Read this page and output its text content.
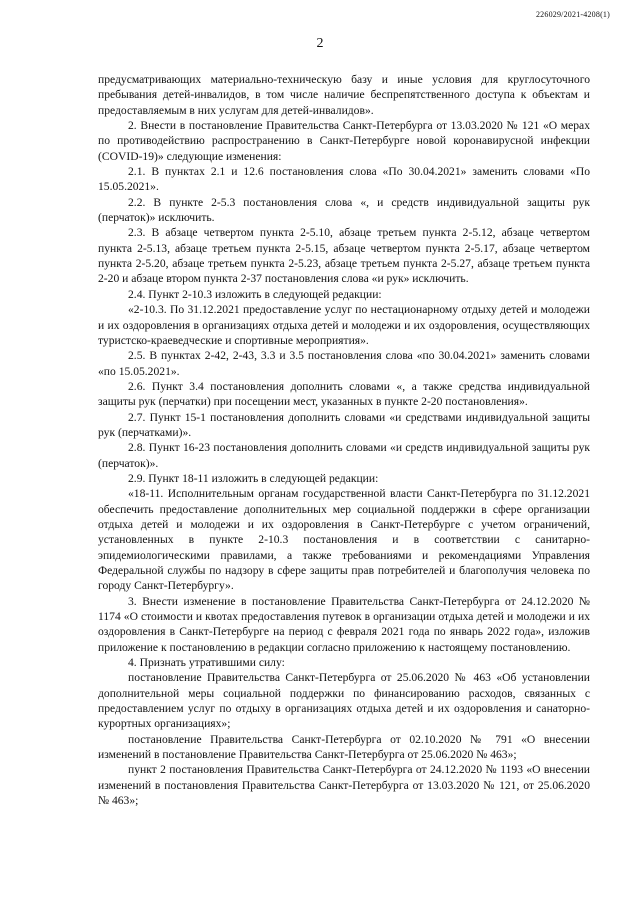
226029/2021-4208(1)
2

предусматривающих материально-техническую базу и иные условия для круглосуточного пребывания детей-инвалидов, в том числе наличие беспрепятственного доступа к объектам и предоставляемым в них услугам для детей-инвалидов».

2. Внести в постановление Правительства Санкт-Петербурга от 13.03.2020 № 121 «О мерах по противодействию распространению в Санкт-Петербурге новой коронавирусной инфекции (COVID-19)» следующие изменения:

2.1. В пунктах 2.1 и 12.6 постановления слова «По 30.04.2021» заменить словами «По 15.05.2021».

2.2. В пункте 2-5.3 постановления слова «, и средств индивидуальной защиты рук (перчаток)» исключить.

2.3. В абзаце четвертом пункта 2-5.10, абзаце третьем пункта 2-5.12, абзаце четвертом пункта 2-5.13, абзаце третьем пункта 2-5.15, абзаце четвертом пункта 2-5.17, абзаце четвертом пункта 2-5.20, абзаце третьем пункта 2-5.23, абзаце третьем пункта 2-5.27, абзаце третьем пункта 2-20 и абзаце втором пункта 2-37 постановления слова «и рук» исключить.

2.4. Пункт 2-10.3 изложить в следующей редакции:

«2-10.3. По 31.12.2021 предоставление услуг по нестационарному отдыху детей и молодежи и их оздоровления в организациях отдыха детей и молодежи и их оздоровления, осуществляющих туристско-краеведческие и спортивные мероприятия».

2.5. В пунктах 2-42, 2-43, 3.3 и 3.5 постановления слова «по 30.04.2021» заменить словами «по 15.05.2021».

2.6. Пункт 3.4 постановления дополнить словами «, а также средства индивидуальной защиты рук (перчатки) при посещении мест, указанных в пункте 2-20 постановления».

2.7. Пункт 15-1 постановления дополнить словами «и средствами индивидуальной защиты рук (перчатками)».

2.8. Пункт 16-23 постановления дополнить словами «и средств индивидуальной защиты рук (перчаток)».

2.9. Пункт 18-11 изложить в следующей редакции:

«18-11. Исполнительным органам государственной власти Санкт-Петербурга по 31.12.2021 обеспечить предоставление дополнительных мер социальной поддержки в сфере организации отдыха детей и молодежи и их оздоровления в Санкт-Петербурге с учетом ограничений, установленных в пункте 2-10.3 постановления и в соответствии с санитарно-эпидемиологическими правилами, а также требованиями и рекомендациями Управления Федеральной службы по надзору в сфере защиты прав потребителей и благополучия человека по городу Санкт-Петербургу».

3. Внести изменение в постановление Правительства Санкт-Петербурга от 24.12.2020 № 1174 «О стоимости и квотах предоставления путевок в организации отдыха детей и молодежи и их оздоровления в Санкт-Петербурге на период с февраля 2021 года по январь 2022 года», изложив приложение к постановлению в редакции согласно приложению к настоящему постановлению.

4. Признать утратившими силу:

постановление Правительства Санкт-Петербурга от 25.06.2020 № 463 «Об установлении дополнительной меры социальной поддержки по финансированию расходов, связанных с предоставлением услуг по отдыху в организациях отдыха детей и их оздоровления и санаторно-курортных организациях»;

постановление Правительства Санкт-Петербурга от 02.10.2020 № 791 «О внесении изменений в постановление Правительства Санкт-Петербурга от 25.06.2020 № 463»;

пункт 2 постановления Правительства Санкт-Петербурга от 24.12.2020 № 1193 «О внесении изменений в постановления Правительства Санкт-Петербурга от 13.03.2020 № 121, от 25.06.2020 № 463»;
